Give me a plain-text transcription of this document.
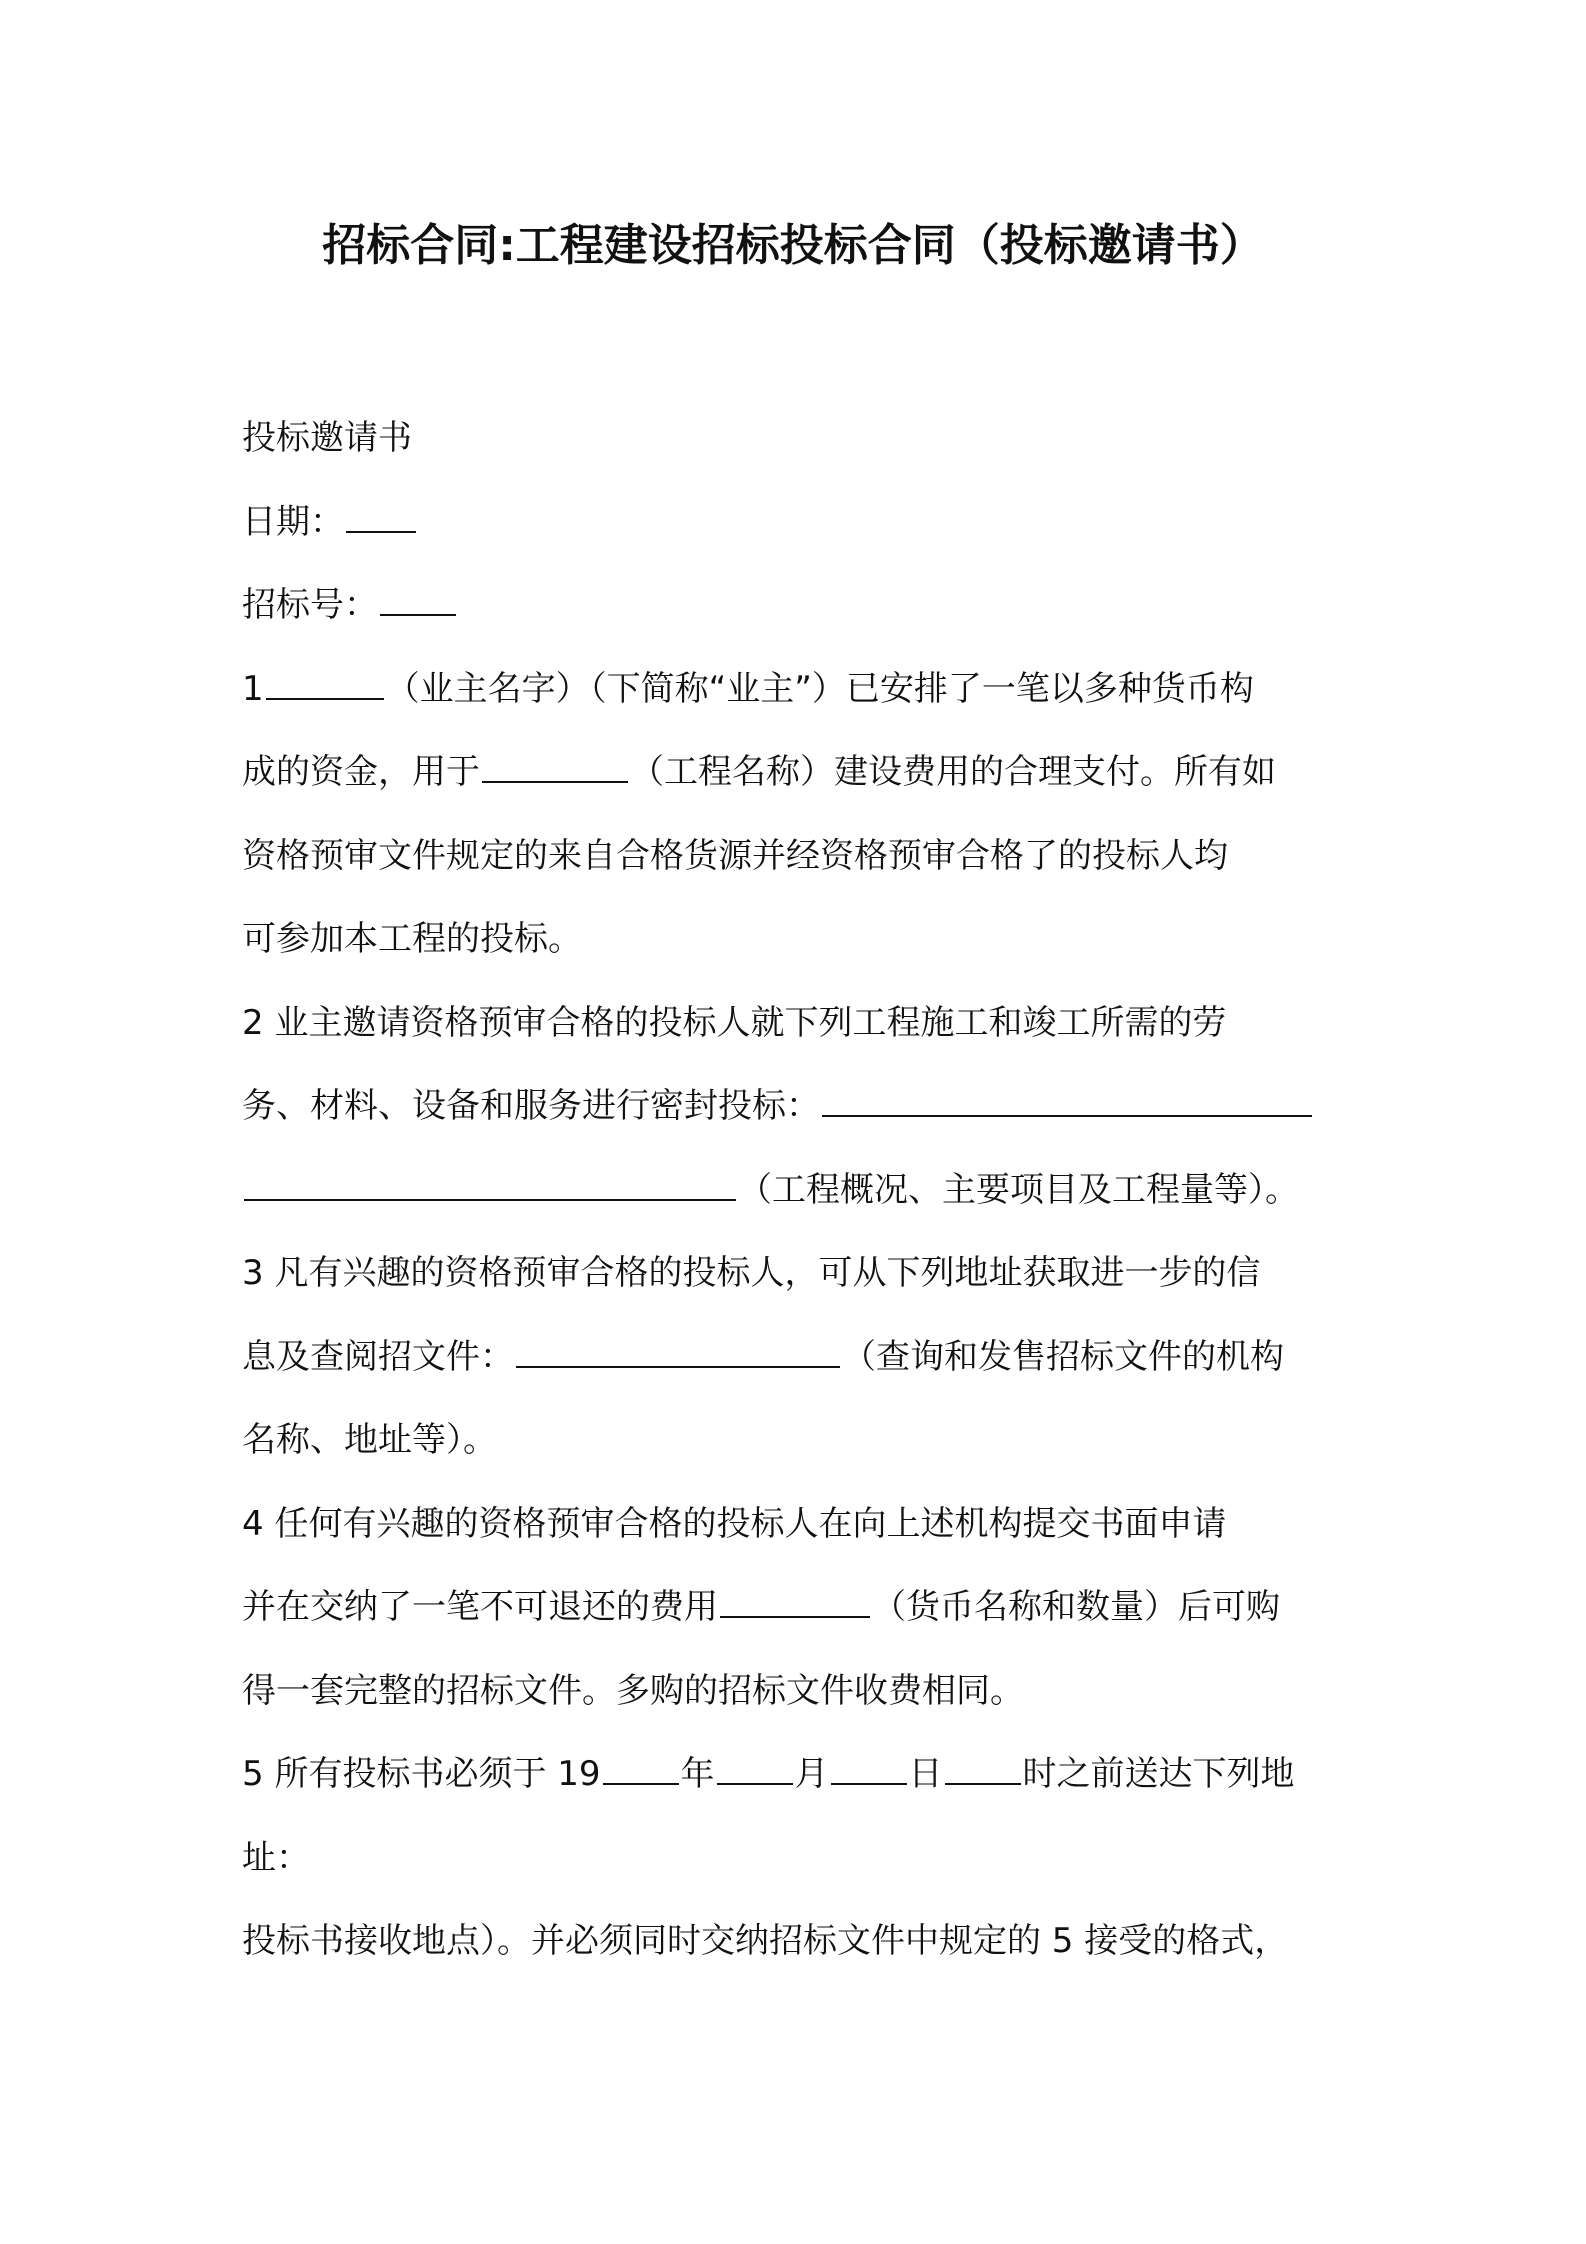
招标合同:工程建设招标投标合同（投标邀请书）
投标邀请书
日期：
招标号：
1	（业主名字）（下简称“业主”）已安排了一笔以多种货币构
成的资金，用于	（工程名称）建设费用的合理支付。所有如
资格预审文件规定的来自合格货源并经资格预审合格了的投标人均
可参加本工程的投标。
2 业主邀请资格预审合格的投标人就下列工程施工和竣工所需的劳
务、材料、设备和服务进行密封投标：
（工程概况、主要项目及工程量等）。
3 凡有兴趣的资格预审合格的投标人，可从下列地址获取进一步的信
息及查阅招文件：	（查询和发售招标文件的机构
名称、地址等）。
4 任何有兴趣的资格预审合格的投标人在向上述机构提交书面申请
并在交纳了一笔不可退还的费用	（货币名称和数量）后可购
得一套完整的招标文件。多购的招标文件收费相同。
5 所有投标书必须于 19 年 月 日 时之前送达下列地
址：
投标书接收地点）。并必须同时交纳招标文件中规定的 5 接受的格式，
